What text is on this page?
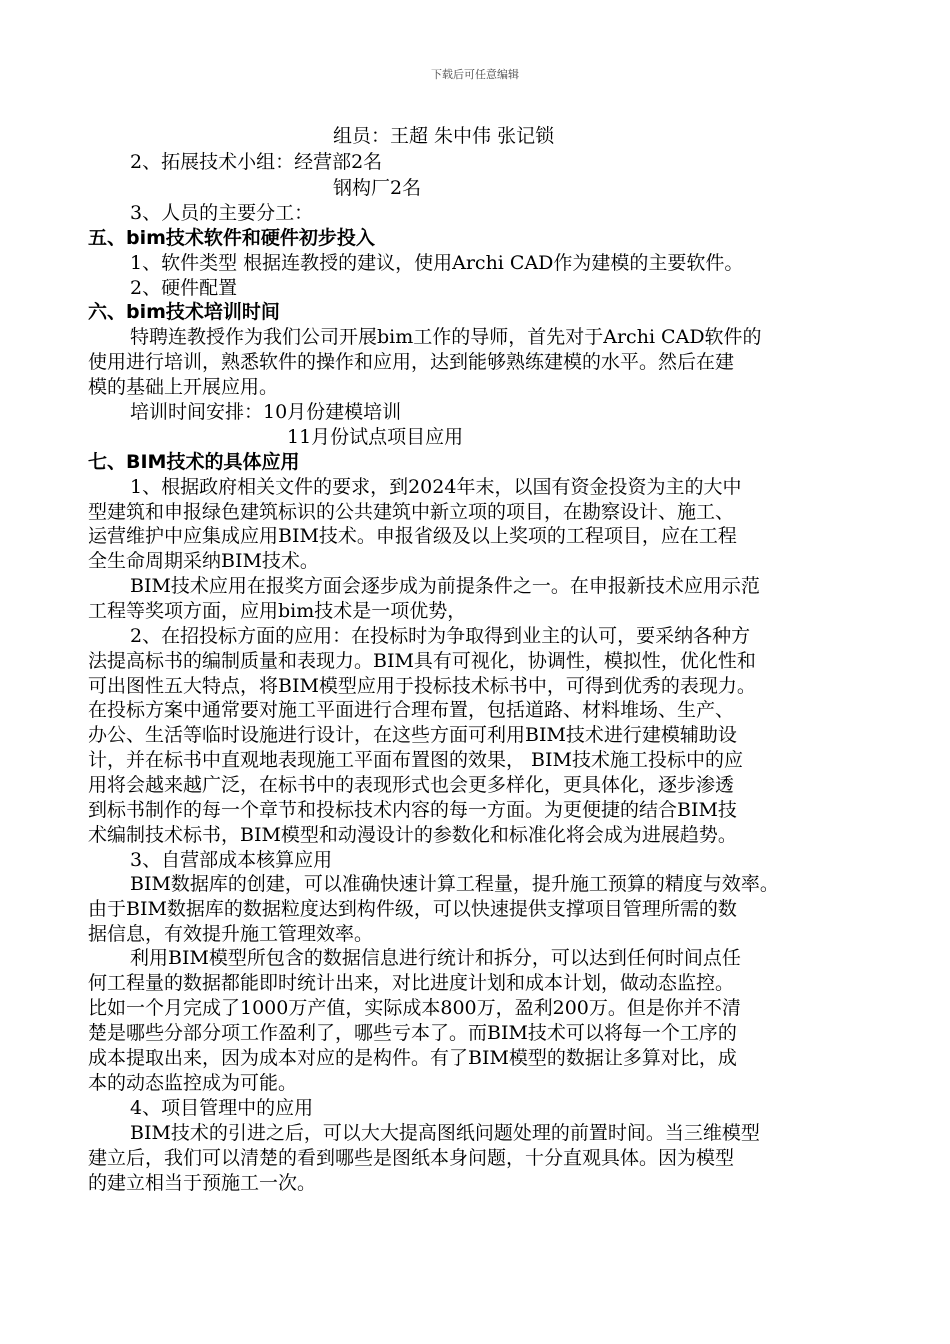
下载后可任意编辑
组员：王超 朱中伟 张记锁
2、拓展技术小组：经营部2名
钢构厂2名
3、人员的主要分工：
五、bim技术软件和硬件初步投入
1、软件类型 根据连教授的建议，使用Archi CAD作为建模的主要软件。
2、硬件配置
六、bim技术培训时间
特聘连教授作为我们公司开展bim工作的导师，首先对于Archi CAD软件的
使用进行培训，熟悉软件的操作和应用，达到能够熟练建模的水平。然后在建
模的基础上开展应用。
培训时间安排：10月份建模培训
11月份试点项目应用
七、BIM技术的具体应用
1、根据政府相关文件的要求，到2024年末，以国有资金投资为主的大中
型建筑和申报绿色建筑标识的公共建筑中新立项的项目，在勘察设计、施工、
运营维护中应集成应用BIM技术。申报省级及以上奖项的工程项目，应在工程
全生命周期采纳BIM技术。
BIM技术应用在报奖方面会逐步成为前提条件之一。在申报新技术应用示范
工程等奖项方面，应用bim技术是一项优势，
2、在招投标方面的应用：在投标时为争取得到业主的认可，要采纳各种方
法提高标书的编制质量和表现力。BIM具有可视化，协调性，模拟性，优化性和
可出图性五大特点，将BIM模型应用于投标技术标书中，可得到优秀的表现力。
在投标方案中通常要对施工平面进行合理布置，包括道路、材料堆场、生产、
办公、生活等临时设施进行设计，在这些方面可利用BIM技术进行建模辅助设
计，并在标书中直观地表现施工平面布置图的效果， BIM技术施工投标中的应
用将会越来越广泛，在标书中的表现形式也会更多样化，更具体化，逐步渗透
到标书制作的每一个章节和投标技术内容的每一方面。为更便捷的结合BIM技
术编制技术标书，BIM模型和动漫设计的参数化和标准化将会成为进展趋势。
3、自营部成本核算应用
BIM数据库的创建，可以准确快速计算工程量，提升施工预算的精度与效率。
由于BIM数据库的数据粒度达到构件级，可以快速提供支撑项目管理所需的数
据信息，有效提升施工管理效率。
利用BIM模型所包含的数据信息进行统计和拆分，可以达到任何时间点任
何工程量的数据都能即时统计出来，对比进度计划和成本计划，做动态监控。
比如一个月完成了1000万产值，实际成本800万，盈利200万。但是你并不清
楚是哪些分部分项工作盈利了，哪些亏本了。而BIM技术可以将每一个工序的
成本提取出来，因为成本对应的是构件。有了BIM模型的数据让多算对比，成
本的动态监控成为可能。
4、项目管理中的应用
BIM技术的引进之后，可以大大提高图纸问题处理的前置时间。当三维模型
建立后，我们可以清楚的看到哪些是图纸本身问题，十分直观具体。因为模型
的建立相当于预施工一次。
